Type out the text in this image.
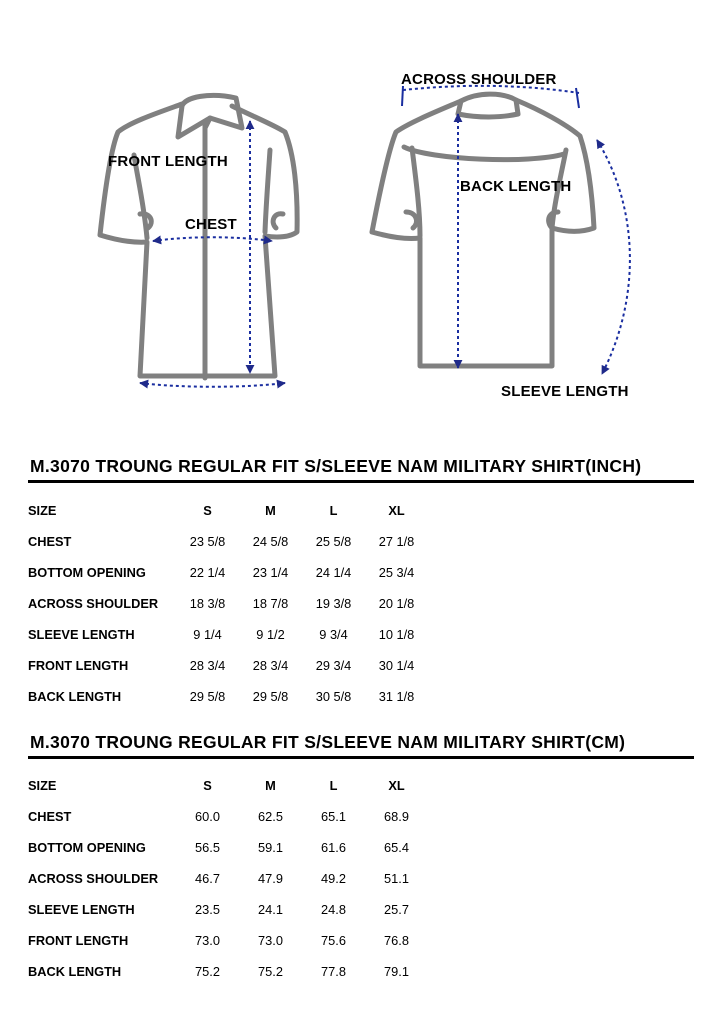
FRONT LENGTH
CHEST
ACROSS SHOULDER
BACK LENGTH
SLEEVE LENGTH
M.3070 TROUNG REGULAR FIT S/SLEEVE NAM MILITARY SHIRT(INCH)
SIZE	S	M	L	XL
CHEST	23 5/8	24 5/8	25 5/8	27 1/8
BOTTOM OPENING	22 1/4	23 1/4	24 1/4	25 3/4
ACROSS SHOULDER	18 3/8	18 7/8	19 3/8	20 1/8
SLEEVE LENGTH	9 1/4	9 1/2	9 3/4	10 1/8
FRONT LENGTH	28 3/4	28 3/4	29 3/4	30 1/4
BACK LENGTH	29 5/8	29 5/8	30 5/8	31 1/8
M.3070 TROUNG REGULAR FIT S/SLEEVE NAM MILITARY SHIRT(CM)
SIZE	S	M	L	XL
CHEST	60.0	62.5	65.1	68.9
BOTTOM OPENING	56.5	59.1	61.6	65.4
ACROSS SHOULDER	46.7	47.9	49.2	51.1
SLEEVE LENGTH	23.5	24.1	24.8	25.7
FRONT LENGTH	73.0	73.0	75.6	76.8
BACK LENGTH	75.2	75.2	77.8	79.1
